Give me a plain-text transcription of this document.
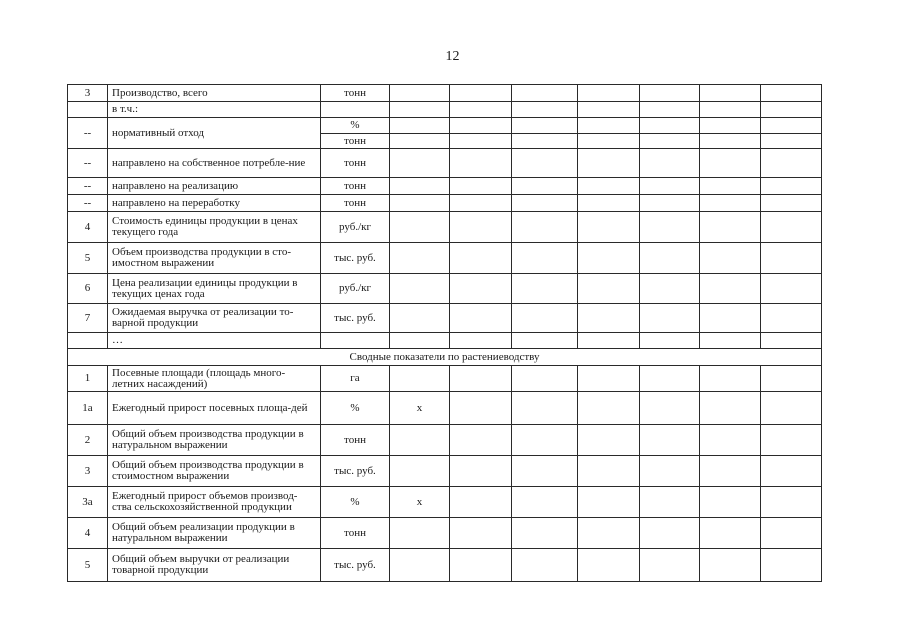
12
3	Производство, всего	тонн							
	в т.ч.:								
--	нормативный отход	%							
		тонн							
--	направлено на собственное потребле-ние	тонн							
--	направлено на реализацию	тонн							
--	направлено на переработку	тонн							
4	Стоимость единицы продукции в ценах текущего года	руб./кг							
5	Объем производства продукции в сто-имостном выражении	тыс. руб.							
6	Цена реализации единицы продукции в текущих ценах года	руб./кг							
7	Ожидаемая выручка от реализации то-варной продукции	тыс. руб.							
	…								
Сводные показатели по растениеводству									
1	Посевные площади (площадь много-летних насаждений)	га							
1а	Ежегодный прирост посевных площа-дей	%	х						
2	Общий объем производства продукции в натуральном выражении	тонн							
3	Общий объем производства продукции в стоимостном выражении	тыс. руб.							
3а	Ежегодный прирост объемов производ-ства сельскохозяйственной продукции	%	х						
4	Общий объем реализации продукции в натуральном выражении	тонн							
5	Общий объем выручки от реализации товарной продукции	тыс. руб.							
